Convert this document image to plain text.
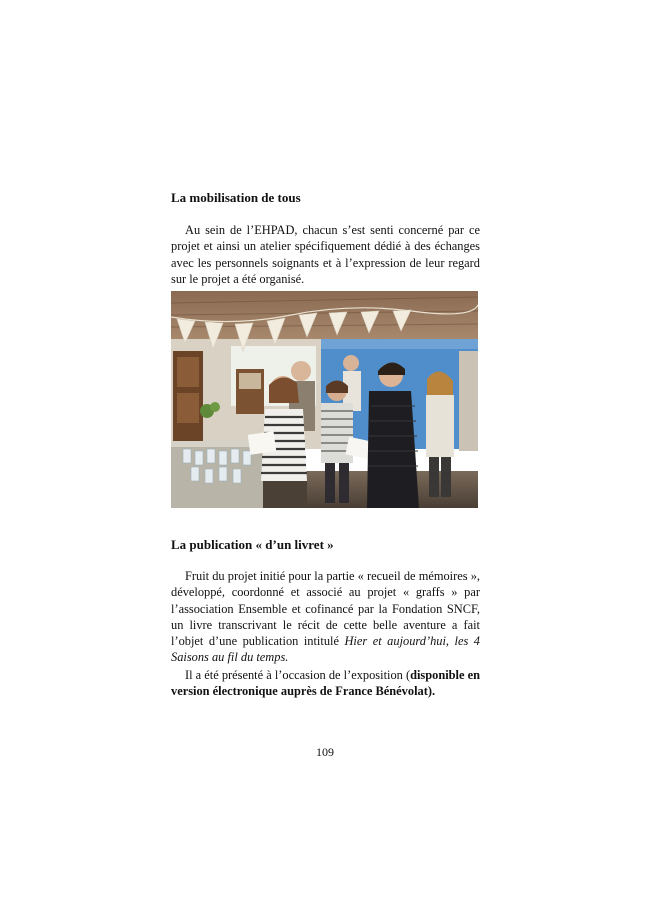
La mobilisation de tous

Au sein de l’EHPAD, chacun s’est senti concerné par ce projet et ainsi un atelier spécifiquement dédié à des échanges avec les personnels soignants et à l’expression de leur regard sur le projet a été organisé.

La publication « d’un livret »

Fruit du projet initié pour la partie « recueil de mémoires », développé, coordonné et associé au projet « graffs » par l’association Ensemble et cofinancé par la Fondation SNCF, un livre transcrivant le récit de cette belle aventure a fait l’objet d’une publication intitulé Hier et aujourd’hui, les 4 Saisons au fil du temps.

Il a été présenté à l’occasion de l’exposition (disponible en version électronique auprès de France Bénévolat).

109
